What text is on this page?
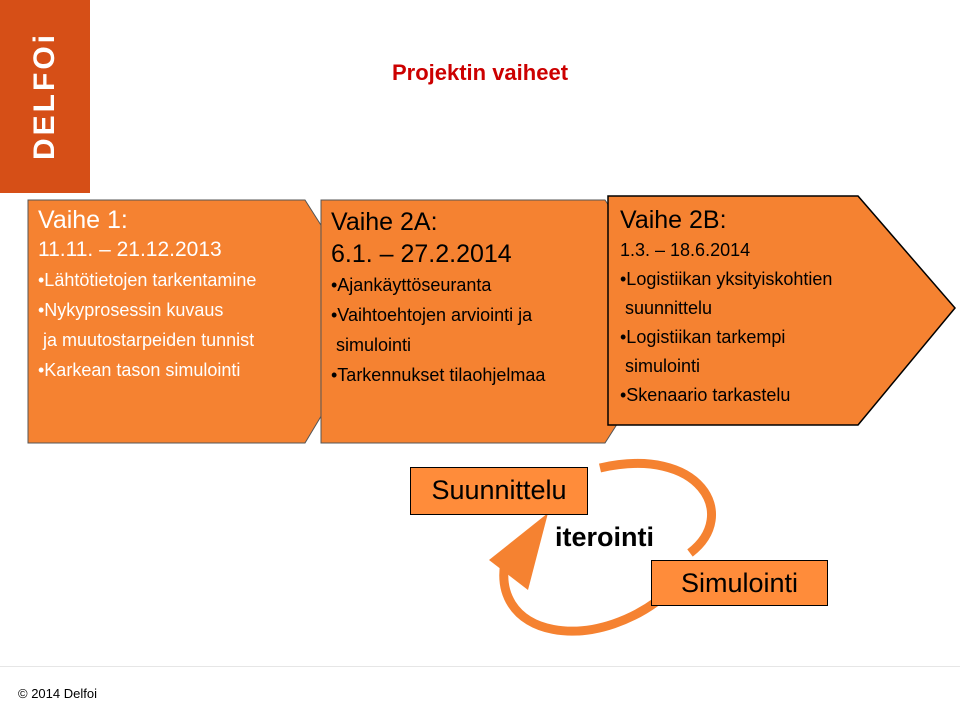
DELFOi	Projektin vaiheet
Vaihe 1:
11.11. – 21.12.2013
•Lähtötietojen tarkentamine
•Nykyprosessin kuvaus
ja muutostarpeiden tunnist
•Karkean tason simulointi
Vaihe 2A:
6.1. – 27.2.2014
•Ajankäyttöseuranta
•Vaihtoehtojen arviointi ja
simulointi
•Tarkennukset tilaohjelmaa
Vaihe 2B:
1.3. – 18.6.2014
•Logistiikan yksityiskohtien
suunnittelu
•Logistiikan tarkempi
simulointi
•Skenaario tarkastelu
Suunnittelu
iterointi
Simulointi
© 2014 Delfoi
